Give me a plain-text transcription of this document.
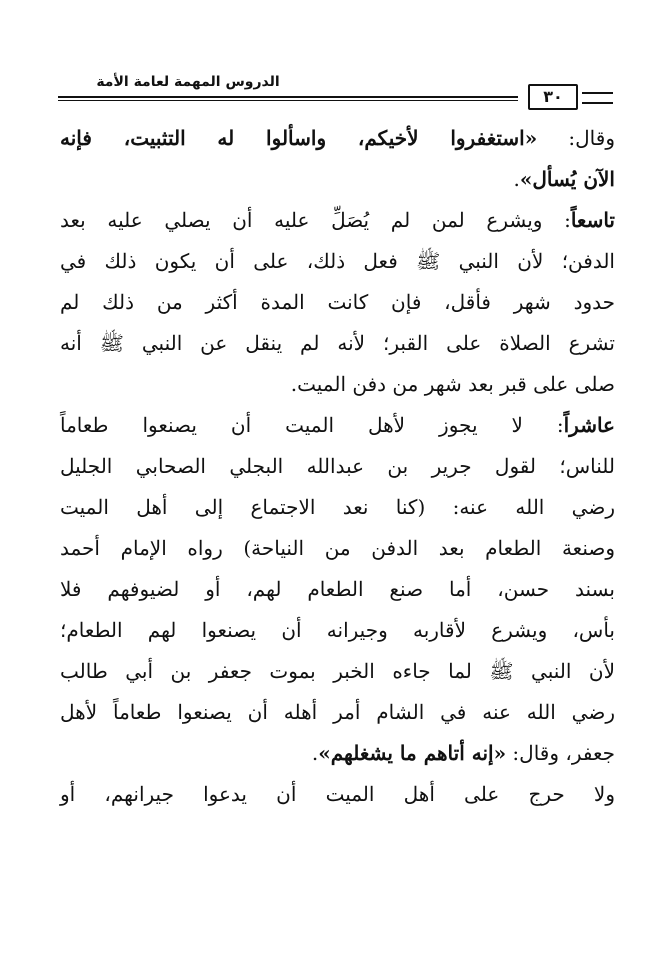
الدروس المهمة لعامة الأمة
٣٠
وقال: «استغفروا لأخيكم، واسألوا له التثبيت، فإنه
الآن يُسأل».
تاسعاً: ويشرع لمن لم يُصَلِّ عليه أن يصلي عليه بعد
الدفن؛ لأن النبي ﷺ فعل ذلك، على أن يكون ذلك في
حدود شهر فأقل، فإن كانت المدة أكثر من ذلك لم
تشرع الصلاة على القبر؛ لأنه لم ينقل عن النبي ﷺ أنه
صلى على قبر بعد شهر من دفن الميت.
عاشراً: لا يجوز لأهل الميت أن يصنعوا طعاماً
للناس؛ لقول جرير بن عبدالله البجلي الصحابي الجليل
رضي الله عنه: (كنا نعد الاجتماع إلى أهل الميت
وصنعة الطعام بعد الدفن من النياحة) رواه الإمام أحمد
بسند حسن، أما صنع الطعام لهم، أو لضيوفهم فلا
بأس، ويشرع لأقاربه وجيرانه أن يصنعوا لهم الطعام؛
لأن النبي ﷺ لما جاءه الخبر بموت جعفر بن أبي طالب
رضي الله عنه في الشام أمر أهله أن يصنعوا طعاماً لأهل
جعفر، وقال: «إنه أتاهم ما يشغلهم».
ولا حرج على أهل الميت أن يدعوا جيرانهم، أو
